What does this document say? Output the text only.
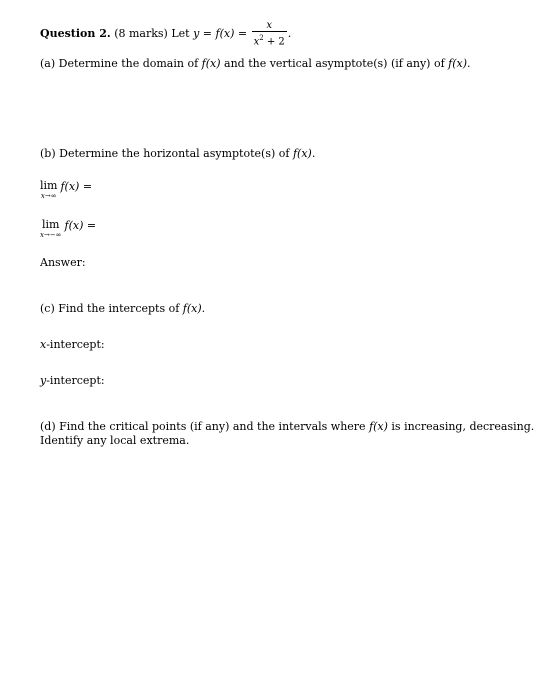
Question 2. (8 marks) Let $y = f(x) = \frac{x}{x^2 + 2}$ .
(a) Determine the domain of f(x) and the vertical asymptote(s) (if any) of f(x).
(b) Determine the horizontal asymptote(s) of f(x).
lim
x→∞
f(x) =
lim
x→−∞
f(x) =
Answer:
(c) Find the intercepts of f(x).
x-intercept:
y-intercept:
(d) Find the critical points (if any) and the intervals where f(x) is increasing, decreasing.
Identify any local extrema.
